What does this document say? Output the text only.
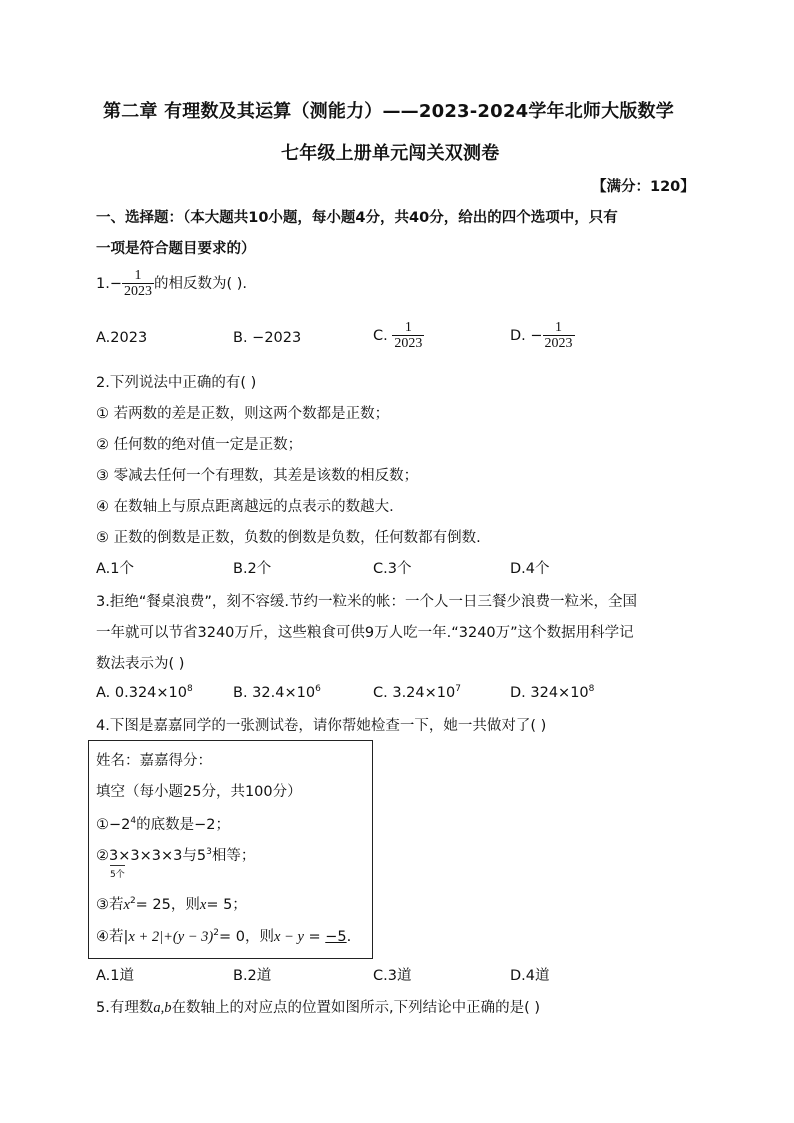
第二章 有理数及其运算（测能力）——2023-2024学年北师大版数学
七年级上册单元闯关双测卷
【满分：120】
一、选择题：（本大题共10小题，每小题4分，共40分，给出的四个选项中，只有
一项是符合题目要求的）
$1.- \frac{1}{2023}$ 的相反数为( ).
A.2023	B. −2023	C. $\frac{1}{2023}$	D. − $\frac{1}{2023}$
2.下列说法中正确的有( )
① 若两数的差是正数，则这两个数都是正数；
② 任何数的绝对值一定是正数；
③ 零减去任何一个有理数，其差是该数的相反数；
④ 在数轴上与原点距离越远的点表示的数越大.
⑤ 正数的倒数是正数，负数的倒数是负数，任何数都有倒数.
A.1个	B.2个	C.3个	D.4个
3.拒绝“餐桌浪费”，刻不容缓.节约一粒米的帐：一个人一日三餐少浪费一粒米，全国
一年就可以节省3240万斤，这些粮食可供9万人吃一年.“3240万”这个数据用科学记
数法表示为( )
A. $0.324\times 10^8$	B. $32.4\times 10^6$	C. $3.24\times 10^7$	D. $324\times 10^8$
4.下图是嘉嘉同学的一张测试卷，请你帮她检查一下，她一共做对了( )
姓名：嘉嘉得分：
填空（每小题25分，共100分）
$①-2^4$的底数是−2；
②3×3×3×3
5个
与$5^3$相等；
③若$x^2= 25$，则x= 5；
④若$|x + 2|+(y - 3)^2= 0$，则x − y = −5.
A.1道	B.2道	C.3道	D.4道
5.有理数a,b在数轴上的对应点的位置如图所示,下列结论中正确的是( )
